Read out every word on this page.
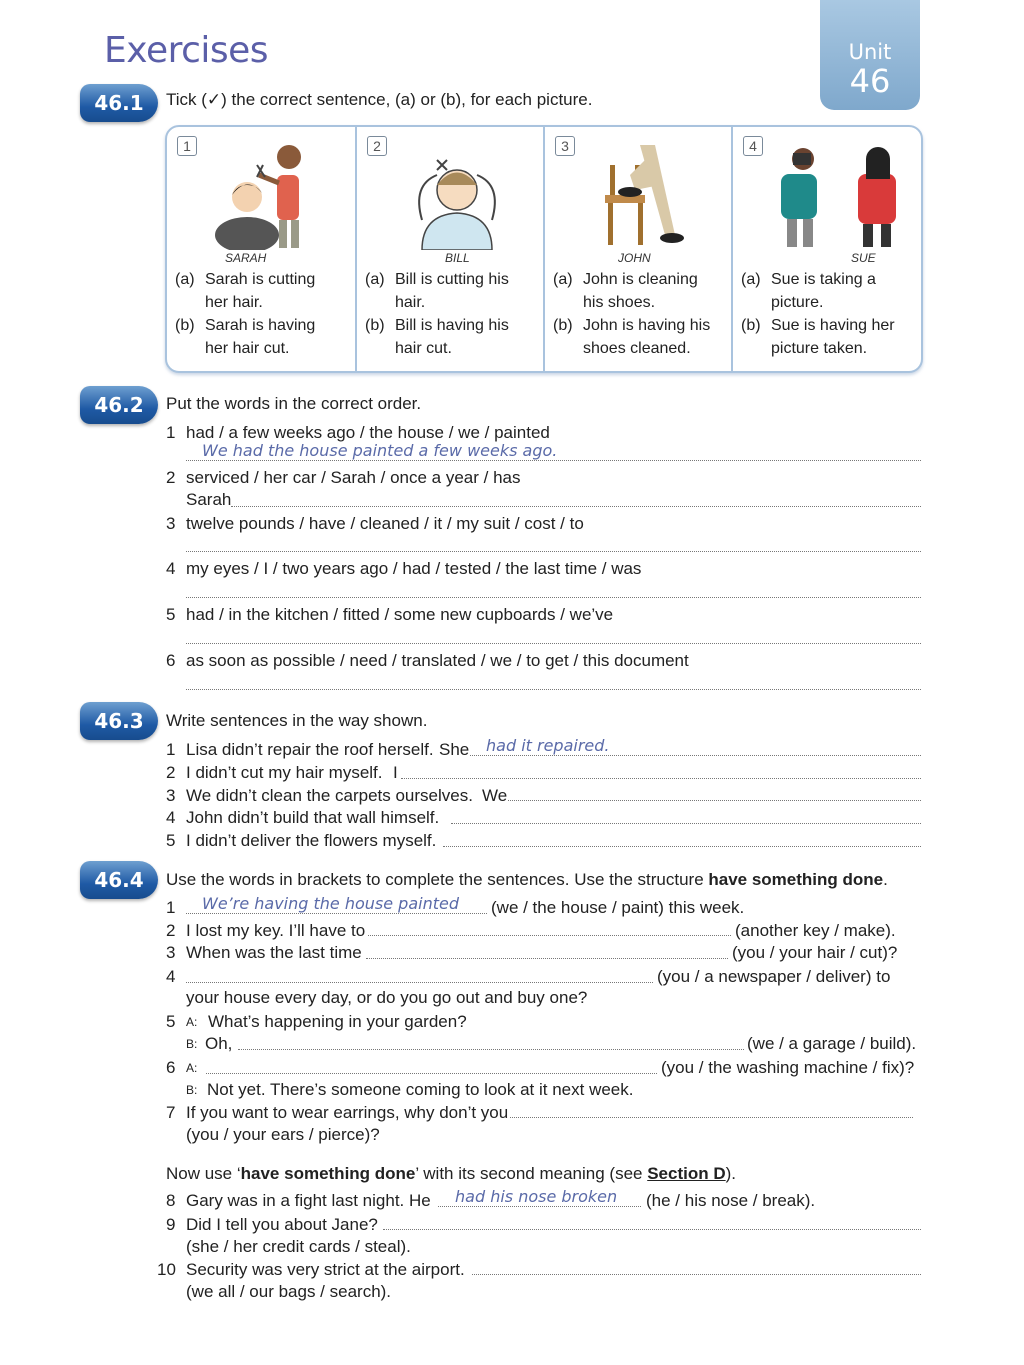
Exercises	Unit
46
46.1	Tick (✓) the correct sentence, (a) or (b), for each picture.
1
SARAH
2
BILL
3
JOHN
4
SUE
(a) Sarah is cutting
her hair.
(b) Sarah is having
her hair cut.
(a) Bill is cutting his
hair.
(b) Bill is having his
hair cut.
(a) John is cleaning
his shoes.
(b) John is having his
shoes cleaned.
(a) Sue is taking a
picture.
(b) Sue is having her
picture taken.
46.2	Put the words in the correct order.
1 had / a few weeks ago / the house / we / painted
We had the house painted a few weeks ago.
2 serviced / her car / Sarah / once a year / has
Sarah
3 twelve pounds / have / cleaned / it / my suit / cost / to
4 my eyes / I / two years ago / had / tested / the last time / was
5 had / in the kitchen / fitted / some new cupboards / we’ve
6 as soon as possible / need / translated / we / to get / this document
46.3	Write sentences in the way shown.
1 Lisa didn’t repair the roof herself. She had it repaired.
2 I didn’t cut my hair myself. I
3 We didn’t clean the carpets ourselves. We
4 John didn’t build that wall himself.
5 I didn’t deliver the flowers myself.
46.4	Use the words in brackets to complete the sentences. Use the structure have something done.
1 We’re having the house painted (we / the house / paint) this week.
2 I lost my key. I’ll have to	(another key / make).
3 When was the last time	(you / your hair / cut)?
4	(you / a newspaper / deliver) to
your house every day, or do you go out and buy one?
5 A: What’s happening in your garden?
B: Oh,	(we / a garage / build).
6 A:	(you / the washing machine / fix)?
B: Not yet. There’s someone coming to look at it next week.
7 If you want to wear earrings, why don’t you
(you / your ears / pierce)?
Now use ‘have something done’ with its second meaning (see Section D).
8 Gary was in a fight last night. He had his nose broken (he / his nose / break).
9 Did I tell you about Jane?
(she / her credit cards / steal).
10 Security was very strict at the airport.
(we all / our bags / search).
